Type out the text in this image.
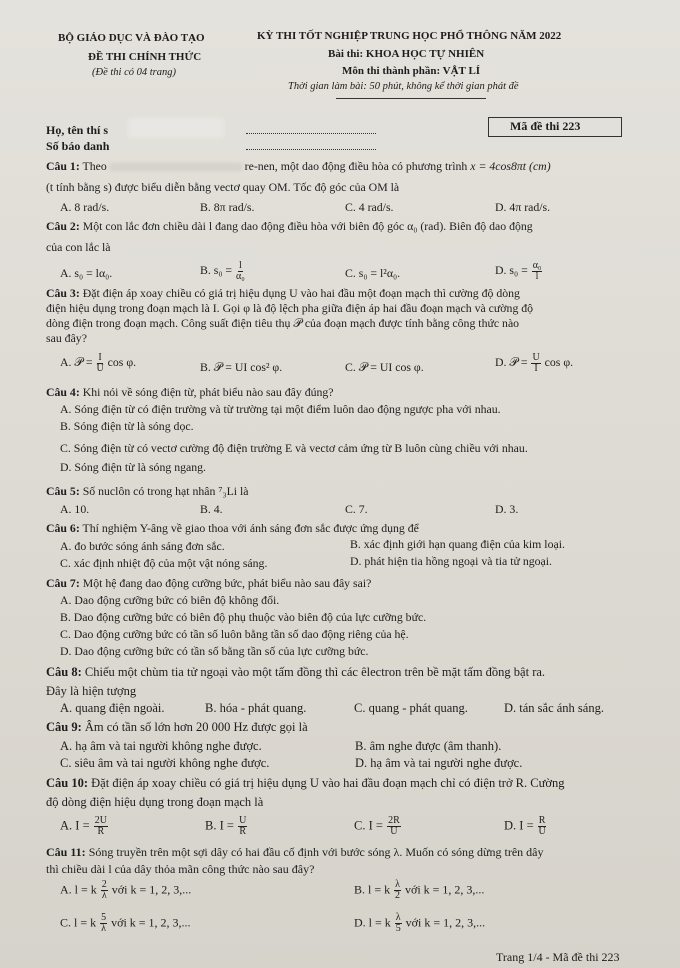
BỘ GIÁO DỤC VÀ ĐÀO TẠO
ĐỀ THI CHÍNH THỨC
(Đề thi có 04 trang)
KỲ THI TỐT NGHIỆP TRUNG HỌC PHỔ THÔNG NĂM 2022
Bài thi: KHOA HỌC TỰ NHIÊN
Môn thi thành phần: VẬT LÍ
Thời gian làm bài: 50 phút, không kể thời gian phát đề
Họ, tên thí s
Số báo danh
Mã đề thi 223
Câu 1: Theo	re-nen, một dao động điều hòa có phương trình x = 4cos8πt (cm)
(t tính bằng s) được biểu diễn bằng vectơ quay OM. Tốc độ góc của OM là
A. 8 rad/s.	B. 8π rad/s.	C. 4 rad/s.	D. 4π rad/s.
Câu 2: Một con lắc đơn chiều dài l đang dao động điều hòa với biên độ góc α₀ (rad). Biên độ dao động
của con lắc là
A. s₀ = lα₀.	B. $s_0 = \frac{l}{\text{α₀}}$	C. s₀ = l²α₀.	D. $s_0 = \frac{\text{α₀}}{l}$
Câu 3: Đặt điện áp xoay chiều có giá trị hiệu dụng U vào hai đầu một đoạn mạch thì cường độ dòng
điện hiệu dụng trong đoạn mạch là I. Gọi φ là độ lệch pha giữa điện áp hai đầu đoạn mạch và cường độ
dòng điện trong đoạn mạch. Công suất điện tiêu thụ 𝒫 của đoạn mạch được tính bằng công thức nào
sau đây?
A. 𝒫 = $\frac{I}{U}$ cos φ.	B. 𝒫 = UI cos² φ.	C. 𝒫 = UI cos φ.	D. 𝒫 = $\frac{U}{I}$ cos φ.
Câu 4: Khi nói về sóng điện từ, phát biểu nào sau đây đúng?
A. Sóng điện từ có điện trường và từ trường tại một điểm luôn dao động ngược pha với nhau.
B. Sóng điện từ là sóng dọc.
C. Sóng điện từ có vectơ cường độ điện trường E và vectơ cảm ứng từ B luôn cùng chiều với nhau.
D. Sóng điện từ là sóng ngang.
Câu 5: Số nuclôn có trong hạt nhân ⁷₃Li là
A. 10.	B. 4.	C. 7.	D. 3.
Câu 6: Thí nghiệm Y-âng về giao thoa với ánh sáng đơn sắc được ứng dụng để
A. đo bước sóng ánh sáng đơn sắc.	B. xác định giới hạn quang điện của kim loại.
C. xác định nhiệt độ của một vật nóng sáng.	D. phát hiện tia hồng ngoại và tia tử ngoại.
Câu 7: Một hệ đang dao động cưỡng bức, phát biểu nào sau đây sai?
A. Dao động cưỡng bức có biên độ không đổi.
B. Dao động cưỡng bức có biên độ phụ thuộc vào biên độ của lực cưỡng bức.
C. Dao động cưỡng bức có tần số luôn bằng tần số dao động riêng của hệ.
D. Dao động cưỡng bức có tần số bằng tần số của lực cưỡng bức.
Câu 8: Chiếu một chùm tia tử ngoại vào một tấm đồng thì các êlectron trên bề mặt tấm đồng bật ra.
Đây là hiện tượng
A. quang điện ngoài.	B. hóa - phát quang.	C. quang - phát quang.	D. tán sắc ánh sáng.
Câu 9: Âm có tần số lớn hơn 20 000 Hz được gọi là
A. hạ âm và tai người không nghe được.	B. âm nghe được (âm thanh).
C. siêu âm và tai người không nghe được.	D. hạ âm và tai người nghe được.
Câu 10: Đặt điện áp xoay chiều có giá trị hiệu dụng U vào hai đầu đoạn mạch chỉ có điện trở R. Cường
độ dòng điện hiệu dụng trong đoạn mạch là
A. $I = \frac{2U}{R}$	B. $I = \frac{U}{R}$	C. $I = \frac{2R}{U}$	D. $I = \frac{R}{U}$
Câu 11: Sóng truyền trên một sợi dây có hai đầu cố định với bước sóng λ. Muốn có sóng dừng trên dây
thì chiều dài l của dây thỏa mãn công thức nào sau đây?
A. l = k $\frac{2}{\lambda}$ với k = 1, 2, 3,...	B. l = k $\frac{\lambda}{2}$ với k = 1, 2, 3,...
C. l = k $\frac{5}{\lambda}$ với k = 1, 2, 3,...	D. l = k $\frac{\lambda}{5}$ với k = 1, 2, 3,...
Trang 1/4 - Mã đề thi 223
